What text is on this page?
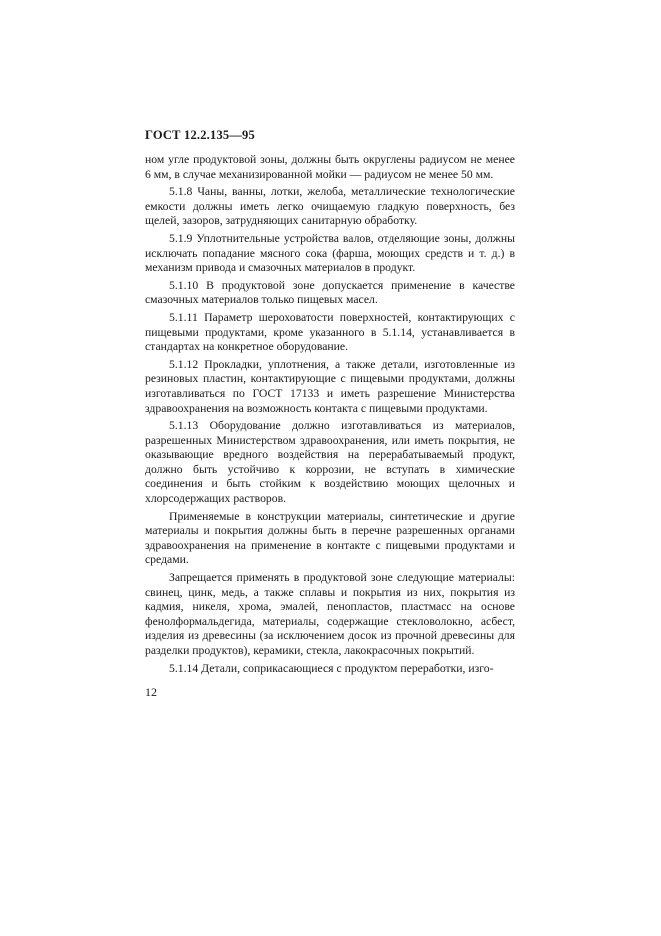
ГОСТ 12.2.135—95

ном угле продуктовой зоны, должны быть округлены радиусом не менее 6 мм, в случае механизированной мойки — радиусом не менее 50 мм.

5.1.8 Чаны, ванны, лотки, желоба, металлические технологические емкости должны иметь легко очищаемую гладкую поверхность, без щелей, зазоров, затрудняющих санитарную обработку.

5.1.9 Уплотнительные устройства валов, отделяющие зоны, должны исключать попадание мясного сока (фарша, моющих средств и т. д.) в механизм привода и смазочных материалов в продукт.

5.1.10 В продуктовой зоне допускается применение в качестве смазочных материалов только пищевых масел.

5.1.11 Параметр шероховатости поверхностей, контактирующих с пищевыми продуктами, кроме указанного в 5.1.14, устанавливается в стандартах на конкретное оборудование.

5.1.12 Прокладки, уплотнения, а также детали, изготовленные из резиновых пластин, контактирующие с пищевыми продуктами, должны изготавливаться по ГОСТ 17133 и иметь разрешение Министерства здравоохранения на возможность контакта с пищевыми продуктами.

5.1.13 Оборудование должно изготавливаться из материалов, разрешенных Министерством здравоохранения, или иметь покрытия, не оказывающие вредного воздействия на перерабатываемый продукт, должно быть устойчиво к коррозии, не вступать в химические соединения и быть стойким к воздействию моющих щелочных и хлорсодержащих растворов.

Применяемые в конструкции материалы, синтетические и другие материалы и покрытия должны быть в перечне разрешенных органами здравоохранения на применение в контакте с пищевыми продуктами и средами.

Запрещается применять в продуктовой зоне следующие материалы: свинец, цинк, медь, а также сплавы и покрытия из них, покрытия из кадмия, никеля, хрома, эмалей, пенопластов, пластмасс на основе фенолформальдегида, материалы, содержащие стекловолокно, асбест, изделия из древесины (за исключением досок из прочной древесины для разделки продуктов), керамики, стекла, лакокрасочных покрытий.

5.1.14 Детали, соприкасающиеся с продуктом переработки, изго-

12
